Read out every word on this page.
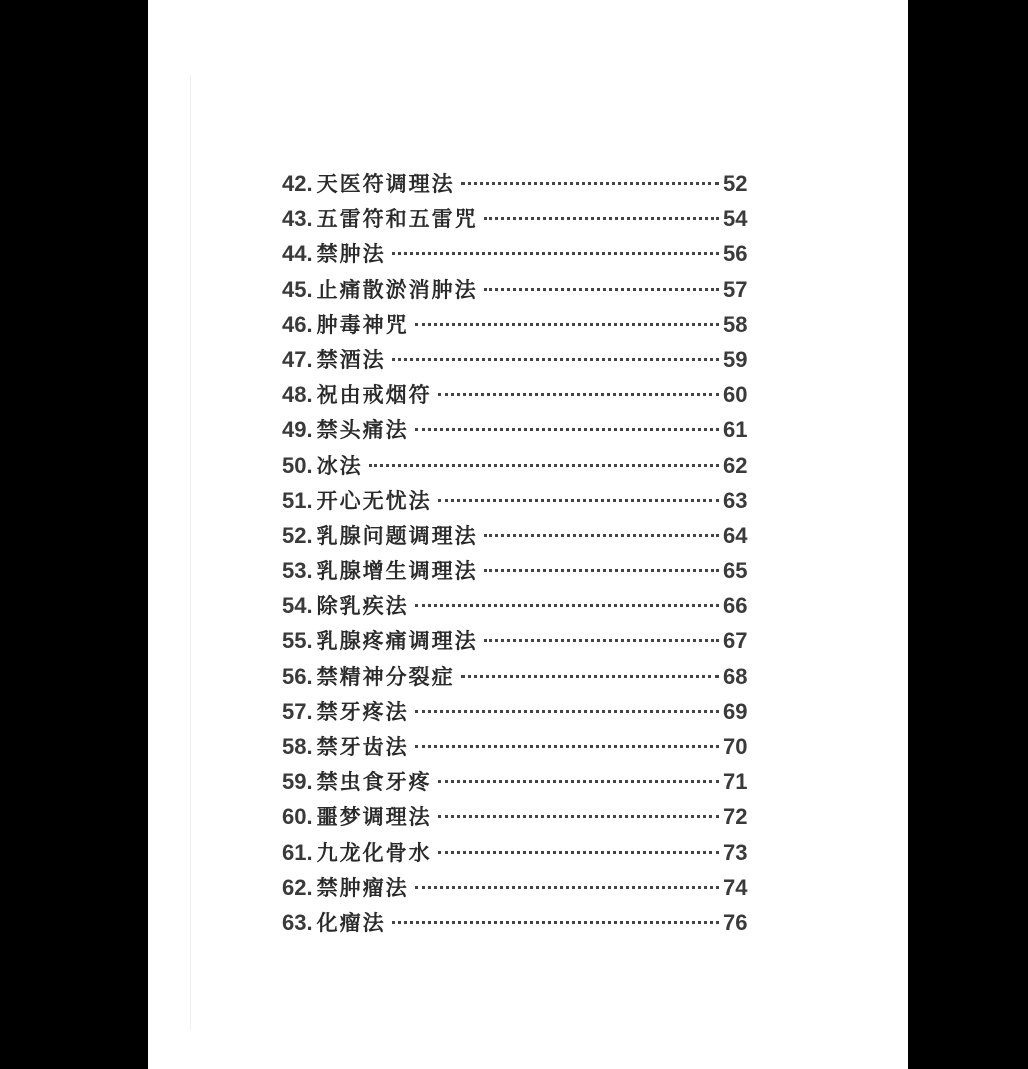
42. 天医符调理法	52
43. 五雷符和五雷咒	54
44. 禁肿法	56
45. 止痛散淤消肿法	57
46. 肿毒神咒	58
47. 禁酒法	59
48. 祝由戒烟符	60
49. 禁头痛法	61
50. 冰法	62
51. 开心无忧法	63
52. 乳腺问题调理法	64
53. 乳腺增生调理法	65
54. 除乳疾法	66
55. 乳腺疼痛调理法	67
56. 禁精神分裂症	68
57. 禁牙疼法	69
58. 禁牙齿法	70
59. 禁虫食牙疼	71
60. 噩梦调理法	72
61. 九龙化骨水	73
62. 禁肿瘤法	74
63. 化瘤法	76
